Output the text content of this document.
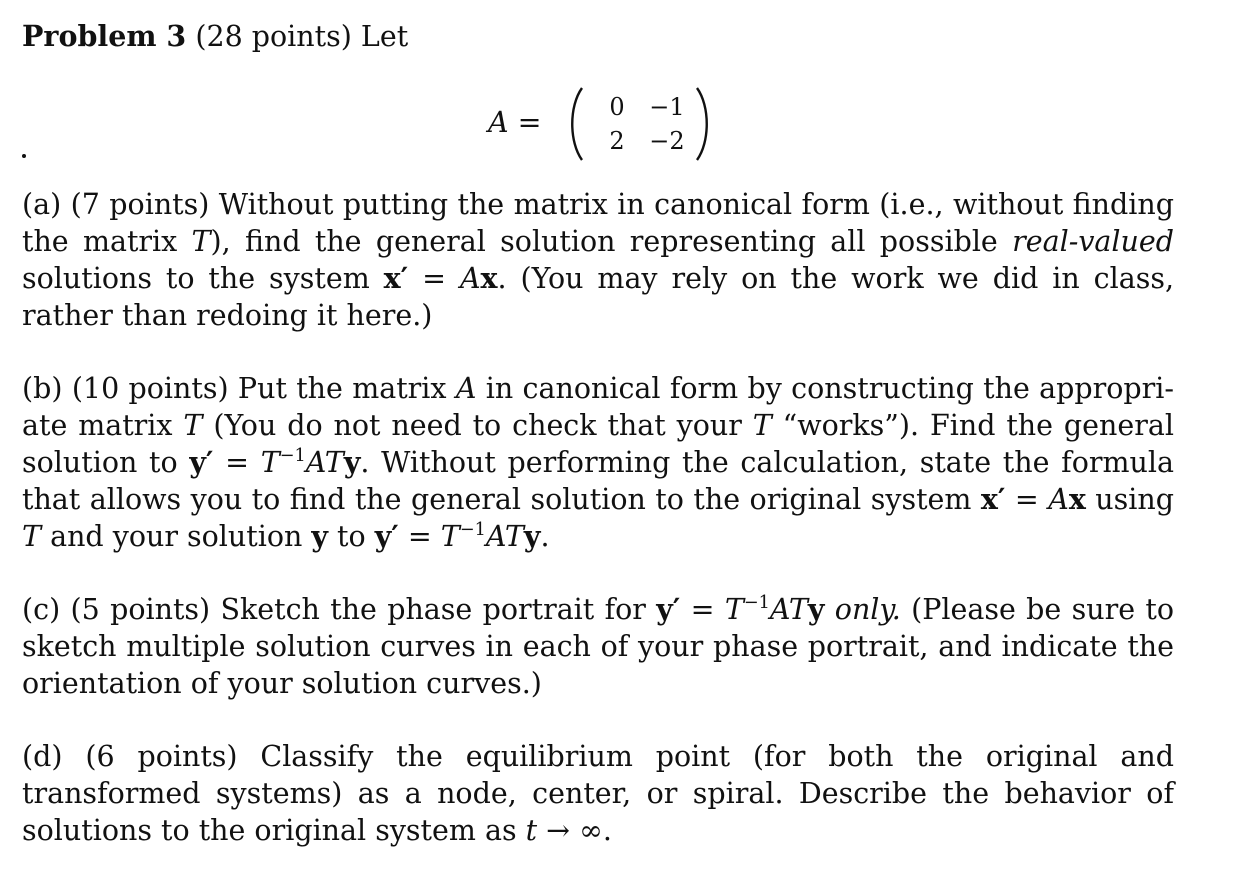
Problem 3 (28 points) Let

A =	0	−1
2	−2

(a) (7 points) Without putting the matrix in canonical form (i.e., without finding the matrix T), find the general solution representing all possible real-valued solutions to the system x′ = Ax. (You may rely on the work we did in class, rather than redoing it here.)

(b) (10 points) Put the matrix A in canonical form by constructing the appropriate matrix T (You do not need to check that your T “works”). Find the general solution to $y' = T^{-1}ATy$. Without performing the calculation, state the formula that allows you to find the general solution to the original system x′ = Ax using T and your solution y to $y' = T^{-1}ATy$.

(c) (5 points) Sketch the phase portrait for $y' = T^{-1}ATy$ only. (Please be sure to sketch multiple solution curves in each of your phase portrait, and indicate the orientation of your solution curves.)

(d) (6 points) Classify the equilibrium point (for both the original and transformed systems) as a node, center, or spiral. Describe the behavior of solutions to the original system as t → ∞.
